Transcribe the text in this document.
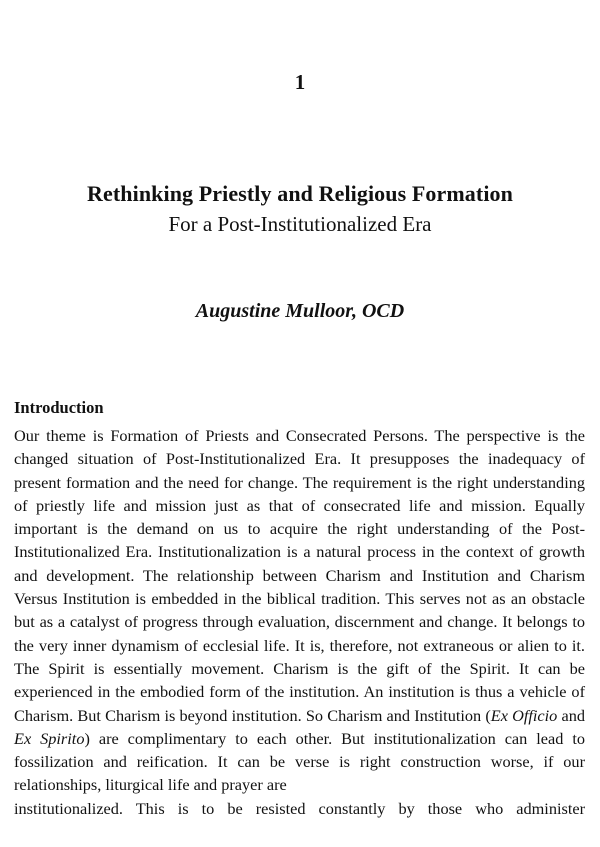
1
Rethinking Priestly and Religious Formation
For a Post-Institutionalized Era
Augustine Mulloor, OCD
Introduction

Our theme is Formation of Priests and Consecrated Persons. The perspective is the changed situation of Post-Institutionalized Era. It presupposes the inadequacy of present formation and the need for change. The requirement is the right understanding of priestly life and mission just as that of consecrated life and mission. Equally important is the demand on us to acquire the right understanding of the Post-Institutionalized Era. Institutionalization is a natural process in the context of growth and development. The relationship between Charism and Institution and Charism Versus Institution is embedded in the biblical tradition. This serves not as an obstacle but as a catalyst of progress through evaluation, discernment and change. It belongs to the very inner dynamism of ecclesial life. It is, therefore, not extraneous or alien to it. The Spirit is essentially movement. Charism is the gift of the Spirit. It can be experienced in the embodied form of the institution. An institution is thus a vehicle of Charism. But Charism is beyond institution. So Charism and Institution (Ex Officio and Ex Spirito) are complimentary to each other. But institutionalization can lead to fossilization and reification. It can be verse is right construction worse, if our relationships, liturgical life and prayer are
institutionalized. This is to be resisted constantly by those who administer
